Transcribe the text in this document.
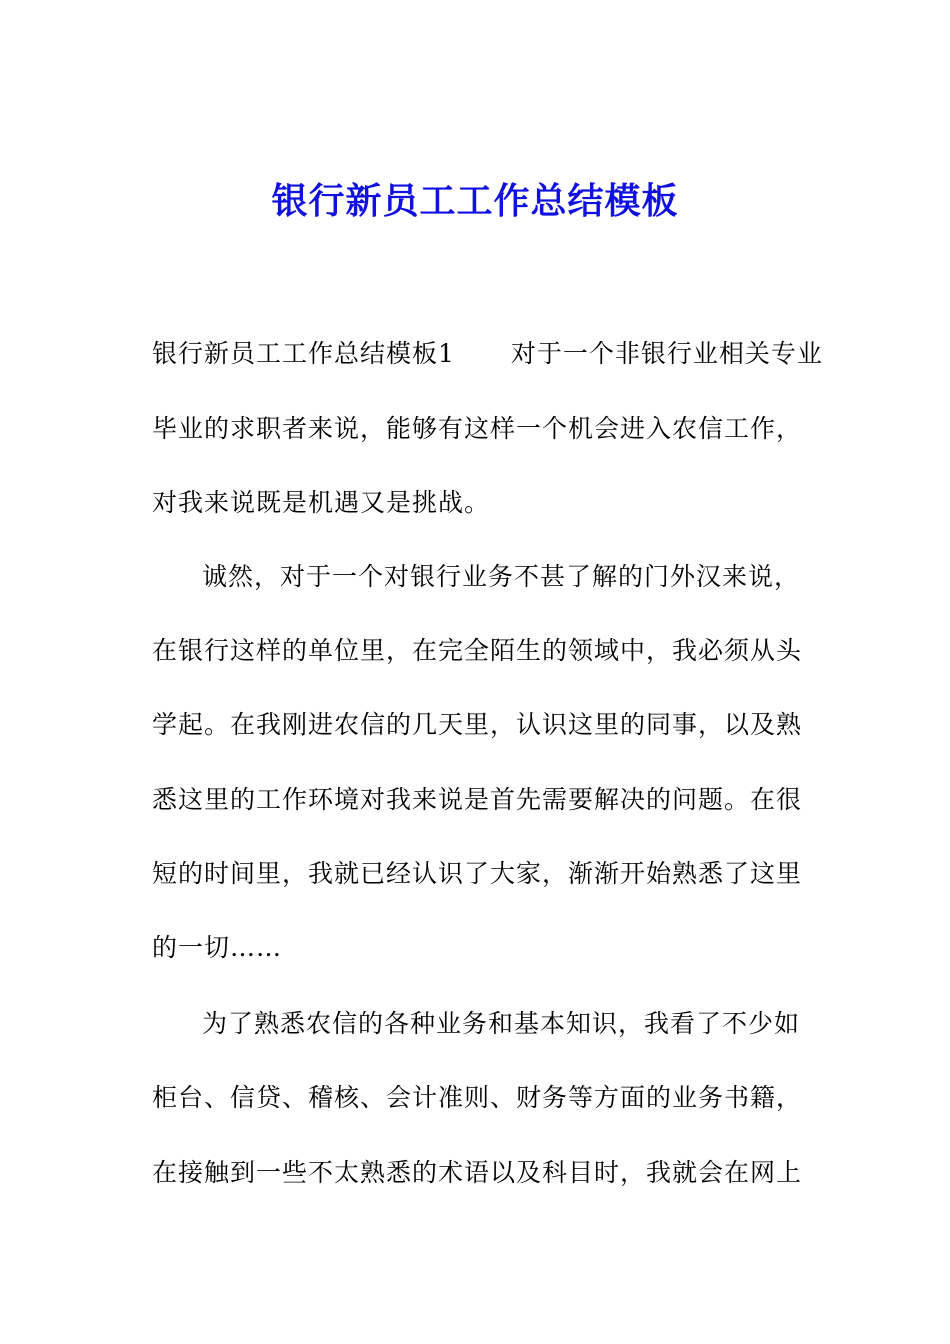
银行新员工工作总结模板
银行新员工工作总结模板1 对于一个非银行业相关专业
毕业的求职者来说，能够有这样一个机会进入农信工作，
对我来说既是机遇又是挑战。
诚然，对于一个对银行业务不甚了解的门外汉来说，
在银行这样的单位里，在完全陌生的领域中，我必须从头
学起。在我刚进农信的几天里，认识这里的同事，以及熟
悉这里的工作环境对我来说是首先需要解决的问题。在很
短的时间里，我就已经认识了大家，渐渐开始熟悉了这里
的一切……
为了熟悉农信的各种业务和基本知识，我看了不少如
柜台、信贷、稽核、会计准则、财务等方面的业务书籍，
在接触到一些不太熟悉的术语以及科目时，我就会在网上
